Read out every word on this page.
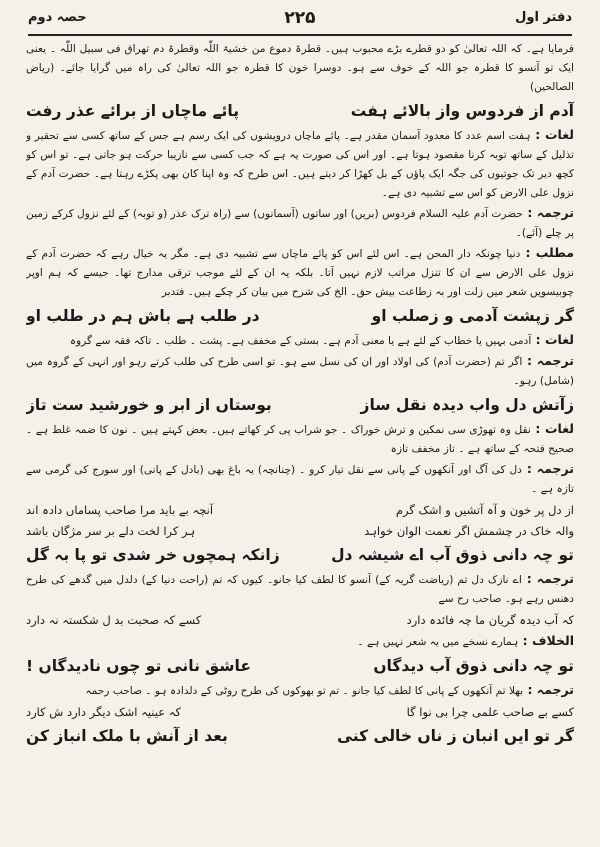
حصہ دوم	۲۲۵	دفتر اول

فرمایا ہے۔ کہ اللہ تعالیٰ کو دو قطرے بڑے محبوب ہیں۔ قطرۃ دموع من خشیۃ اللّٰہ وقطرۃ دم تھراق فی سبیل اللّٰہ ۔ یعنی ایک تو آنسو کا قطرہ جو اللہ کے خوف سے ہو۔ دوسرا خون کا قطرہ جو اللہ تعالیٰ کی راہ میں گرایا جائے۔ (ریاض الصالحین)

آدم از فردوس واز بالائے ہفت
پائے ماچاں از برائے عذر رفت

لغات : ہفت اسم عدد کا معدود آسمان مقدر ہے۔ پائے ماچاں درویشوں کی ایک رسم ہے جس کے ساتھ کسی سے تحقیر و تذلیل کے ساتھ توبہ کرنا مقصود ہوتا ہے۔ اور اس کی صورت یہ ہے کہ جب کسی سے نازیبا حرکت ہو جاتی ہے۔ تو اس کو کچھ دیر تک جوتیوں کی جگہ ایک پاؤں کے بل کھڑا کر دیتے ہیں۔ اس طرح کہ وہ اپنا کان بھی پکڑے رہتا ہے۔ حضرت آدم کے نزول علی الارض کو اس سے تشبیہ دی ہے۔

ترجمہ : حضرت آدم علیہ السلام فردوس (بریں) اور ساتوں (آسمانوں) سے (راہ ترک عذر (و توبہ) کے لئے نزول کرکے زمین پر چلے (آئے)۔

مطلب : دنیا چونکہ دار المحن ہے۔ اس لئے اس کو پائے ماچاں سے تشبیہ دی ہے۔ مگر یہ خیال رہے کہ حضرت آدم کے نزول علی الارض سے ان کا تنزل مراتب لازم نہیں آتا۔ بلکہ یہ ان کے لئے موجب ترقی مدارج تھا۔ جیسے کہ ہم اوپر چوبیسویں شعر میں زلت اور بہ زطاعت بیش حق۔ الخ کی شرح میں بیان کر چکے ہیں۔ فتدبر

گر زپشت آدمی و زصلب او
در طلب ہے باش ہم در طلب او

لغات : آدمی بہیں یا خطاب کے لئے ہے یا معنی آدم ہے۔ بستی کے مخفف ہے۔ پشت ۔ طلب ۔ تاکہ فقہ سے گروہ

ترجمہ : اگر تم (حضرت آدم) کی اولاد اور ان کی نسل سے ہو۔ تو اسی طرح کی طلب کرتے رہو اور انہی کے گروہ میں (شامل) رہو۔

زآتش دل واب دیدہ نقل ساز
بوستاں از ابر و خورشید ست تاز

لغات : نقل وہ تھوڑی سی نمکین و ترش خوراک ۔ جو شراب پی کر کھاتے ہیں۔ بعض کہتے ہیں ۔ نون کا ضمہ غلط ہے ۔ صحیح فتحہ کے ساتھ ہے ۔ تاز مخفف تازہ

ترجمہ : دل کی آگ اور آنکھوں کے پانی سے نقل تیار کرو ۔ (چنانچہ) یہ باغ بھی (بادل کے پانی) اور سورج کی گرمی سے تازہ ہے ۔

از دل پر خون و آہ آتشیں و اشک گرم
آنچہ بے باید مرا صاحب پساماں دادہ اند
والہ خاک در چشمش اگر نعمت الوان خواہد
ہر کرا لخت دلے بر سر مژگان باشد
تو چہ دانی ذوق آب اے شیشہ دل
زانکہ ہمچوں خر شدی تو پا بہ گل

ترجمہ : اے نازک دل تم (ریاضت گریہ کے) آنسو کا لطف کیا جانو۔ کیوں کہ تم (راحت دنیا کے) دلدل میں گدھے کی طرح دھنس رہے ہو۔ صاحب رح سے

کہ آب دیدہ گریان ما چہ فائدہ دارد
کسے کہ صحبت بد ل شکستہ نہ دارد

الخلاف : ہمارے نسخے میں یہ شعر نہیں ہے ۔

تو چہ دانی ذوق آب دیدگاں
عاشق نانی تو چوں نادیدگاں !

ترجمہ : بھلا تم آنکھوں کے پانی کا لطف کیا جانو ۔ تم تو بھوکوں کی طرح روٹی کے دلدادہ ہو ۔ صاحب رحمہ

کسے بے صاحب علمی چرا بی نوا گا
کہ عینیہ اشک دیگر دارد ش کارد
گر تو ایں انبان ز ناں خالی کنی
بعد از آنش با ملک انباز کن
